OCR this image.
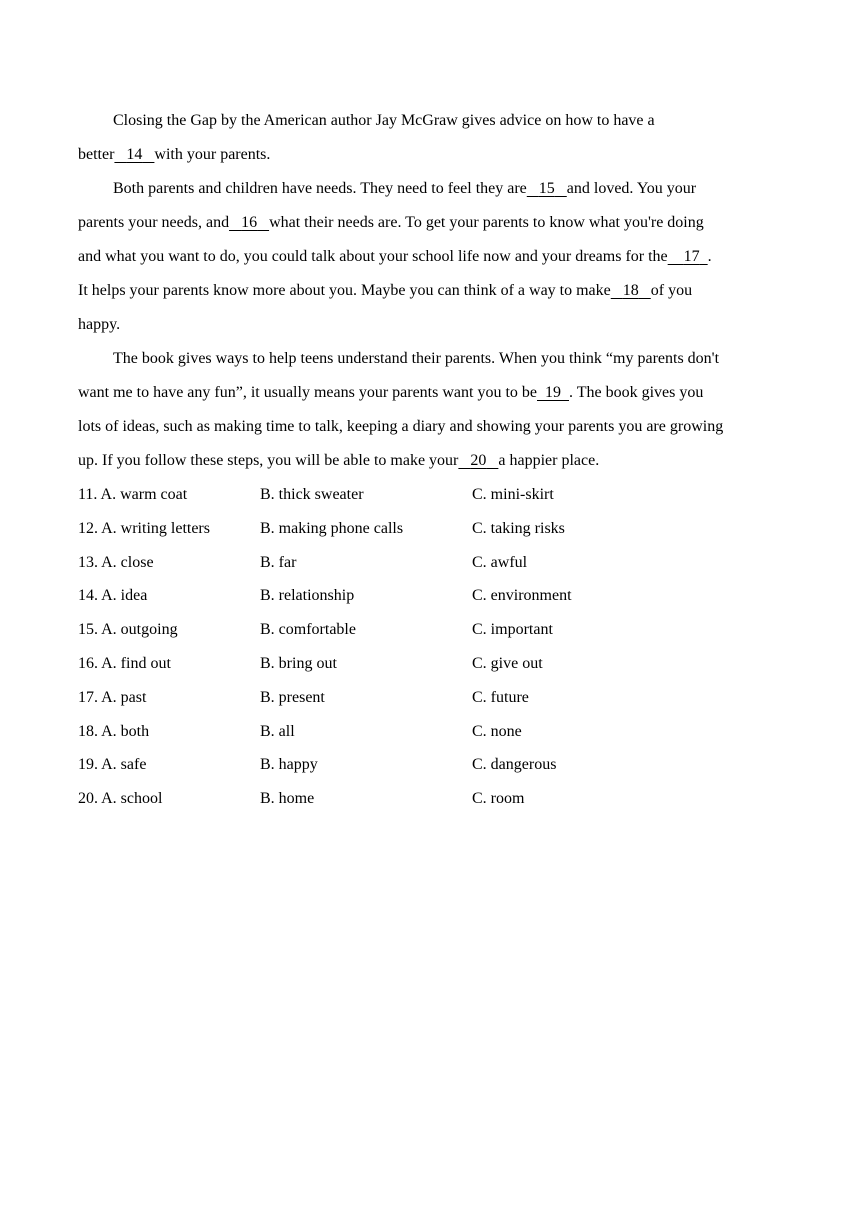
Closing the Gap by the American author Jay McGraw gives advice on how to have a
better 14 with your parents.
Both parents and children have needs. They need to feel they are 15 and loved. You your
parents your needs, and 16 what their needs are. To get your parents to know what you're doing
and what you want to do, you could talk about your school life now and your dreams for the 17 .
It helps your parents know more about you. Maybe you can think of a way to make 18 of you
happy.
The book gives ways to help teens understand their parents. When you think “my parents don't
want me to have any fun”, it usually means your parents want you to be 19 . The book gives you
lots of ideas, such as making time to talk, keeping a diary and showing your parents you are growing
up. If you follow these steps, you will be able to make your 20 a happier place.
11. A. warm coat	B. thick sweater	C. mini-skirt
12. A. writing letters	B. making phone calls	C. taking risks
13. A. close	B. far	C. awful
14. A. idea	B. relationship	C. environment
15. A. outgoing	B. comfortable	C. important
16. A. find out	B. bring out	C. give out
17. A. past	B. present	C. future
18. A. both	B. all	C. none
19. A. safe	B. happy	C. dangerous
20. A. school	B. home	C. room
